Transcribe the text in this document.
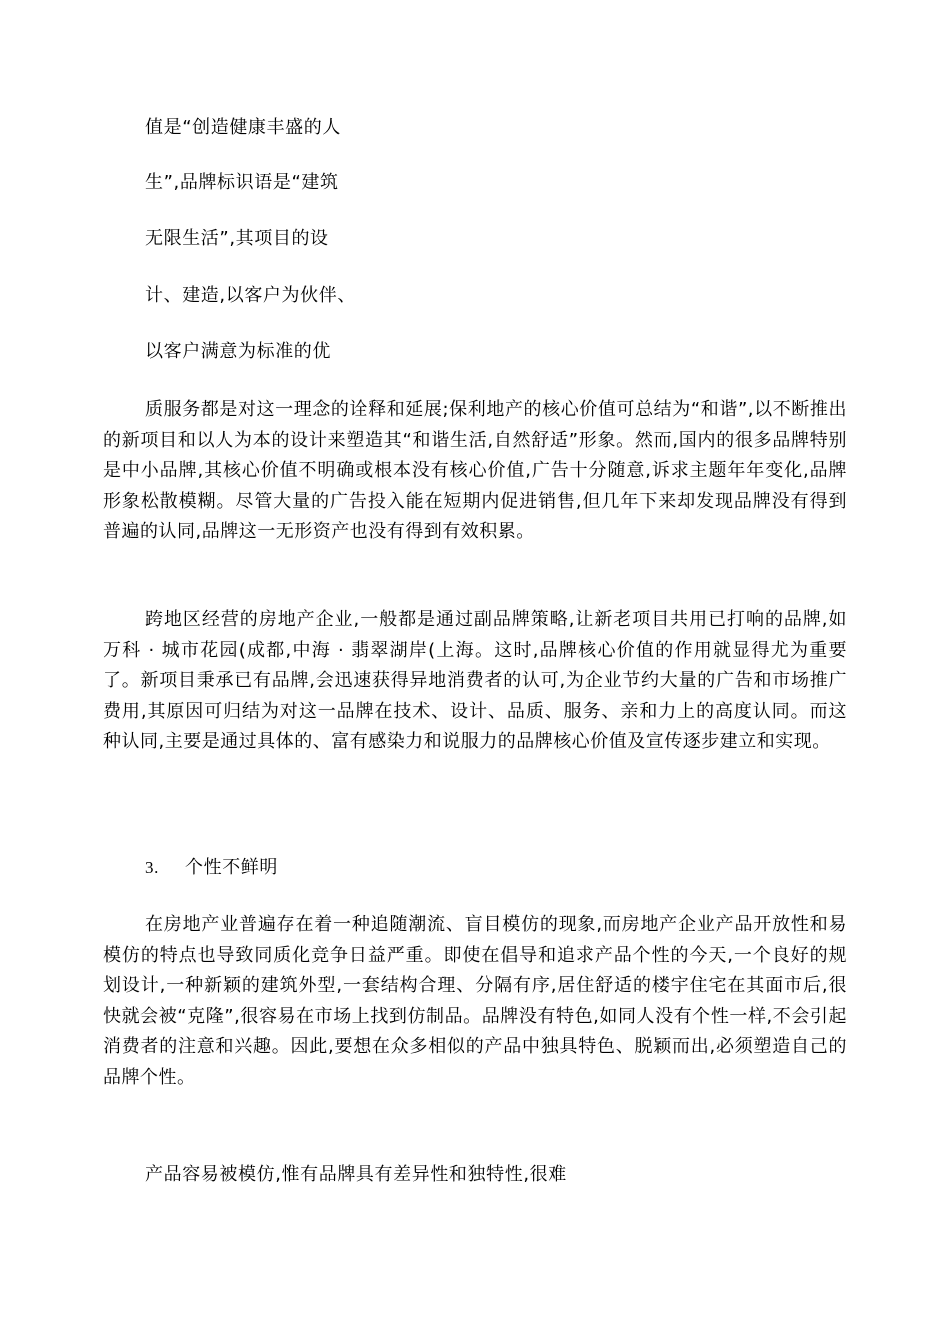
值是“创造健康丰盛的人
生”,品牌标识语是“建筑
无限生活”,其项目的设
计、建造,以客户为伙伴、
以客户满意为标准的优

质服务都是对这一理念的诠释和延展;保利地产的核心价值可总结为“和谐”,以不断推出的新项目和以人为本的设计来塑造其“和谐生活,自然舒适”形象。然而,国内的很多品牌特别是中小品牌,其核心价值不明确或根本没有核心价值,广告十分随意,诉求主题年年变化,品牌形象松散模糊。尽管大量的广告投入能在短期内促进销售,但几年下来却发现品牌没有得到普遍的认同,品牌这一无形资产也没有得到有效积累。

跨地区经营的房地产企业,一般都是通过副品牌策略,让新老项目共用已打响的品牌,如万科 · 城市花园(成都,中海 · 翡翠湖岸(上海。这时,品牌核心价值的作用就显得尤为重要了。新项目秉承已有品牌,会迅速获得异地消费者的认可,为企业节约大量的广告和市场推广费用,其原因可归结为对这一品牌在技术、设计、品质、服务、亲和力上的高度认同。而这种认同,主要是通过具体的、富有感染力和说服力的品牌核心价值及宣传逐步建立和实现。

3. 个性不鲜明

在房地产业普遍存在着一种追随潮流、盲目模仿的现象,而房地产企业产品开放性和易模仿的特点也导致同质化竞争日益严重。即使在倡导和追求产品个性的今天,一个良好的规划设计,一种新颖的建筑外型,一套结构合理、分隔有序,居住舒适的楼宇住宅在其面市后,很快就会被“克隆”,很容易在市场上找到仿制品。品牌没有特色,如同人没有个性一样,不会引起消费者的注意和兴趣。因此,要想在众多相似的产品中独具特色、脱颖而出,必须塑造自己的品牌个性。

产品容易被模仿,惟有品牌具有差异性和独特性,很难
